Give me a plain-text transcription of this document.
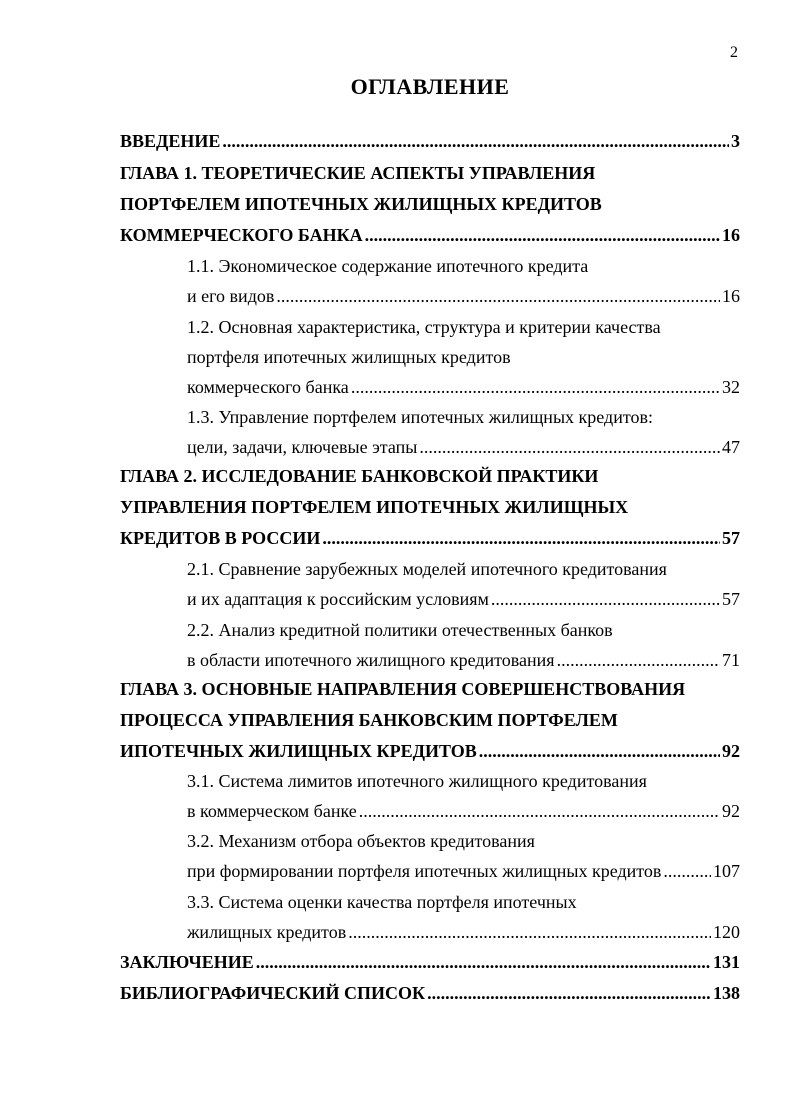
2
ОГЛАВЛЕНИЕ
ВВЕДЕНИЕ .....	3
ГЛАВА 1. ТЕОРЕТИЧЕСКИЕ АСПЕКТЫ УПРАВЛЕНИЯ
ПОРТФЕЛЕМ ИПОТЕЧНЫХ ЖИЛИЩНЫХ КРЕДИТОВ
КОММЕРЧЕСКОГО БАНКА .....	16
1.1. Экономическое содержание ипотечного кредита
и его видов .....	16
1.2. Основная характеристика, структура и критерии качества
портфеля ипотечных жилищных кредитов
коммерческого банка .....	32
1.3. Управление портфелем ипотечных жилищных кредитов:
цели, задачи, ключевые этапы .....	47
ГЛАВА 2. ИССЛЕДОВАНИЕ БАНКОВСКОЙ ПРАКТИКИ
УПРАВЛЕНИЯ ПОРТФЕЛЕМ ИПОТЕЧНЫХ ЖИЛИЩНЫХ
КРЕДИТОВ В РОССИИ .....	57
2.1. Сравнение зарубежных моделей ипотечного кредитования
и их адаптация к российским условиям .....	57
2.2. Анализ кредитной политики отечественных банков
в области ипотечного жилищного кредитования .....	71
ГЛАВА 3. ОСНОВНЫЕ НАПРАВЛЕНИЯ СОВЕРШЕНСТВОВАНИЯ
ПРОЦЕССА УПРАВЛЕНИЯ БАНКОВСКИМ ПОРТФЕЛЕМ
ИПОТЕЧНЫХ ЖИЛИЩНЫХ КРЕДИТОВ .....	92
3.1. Система лимитов ипотечного жилищного кредитования
в коммерческом банке .....	92
3.2. Механизм отбора объектов кредитования
при формировании портфеля ипотечных жилищных кредитов .....	107
3.3. Система оценки качества портфеля ипотечных
жилищных кредитов .....	120
ЗАКЛЮЧЕНИЕ .....	131
БИБЛИОГРАФИЧЕСКИЙ СПИСОК .....	138
